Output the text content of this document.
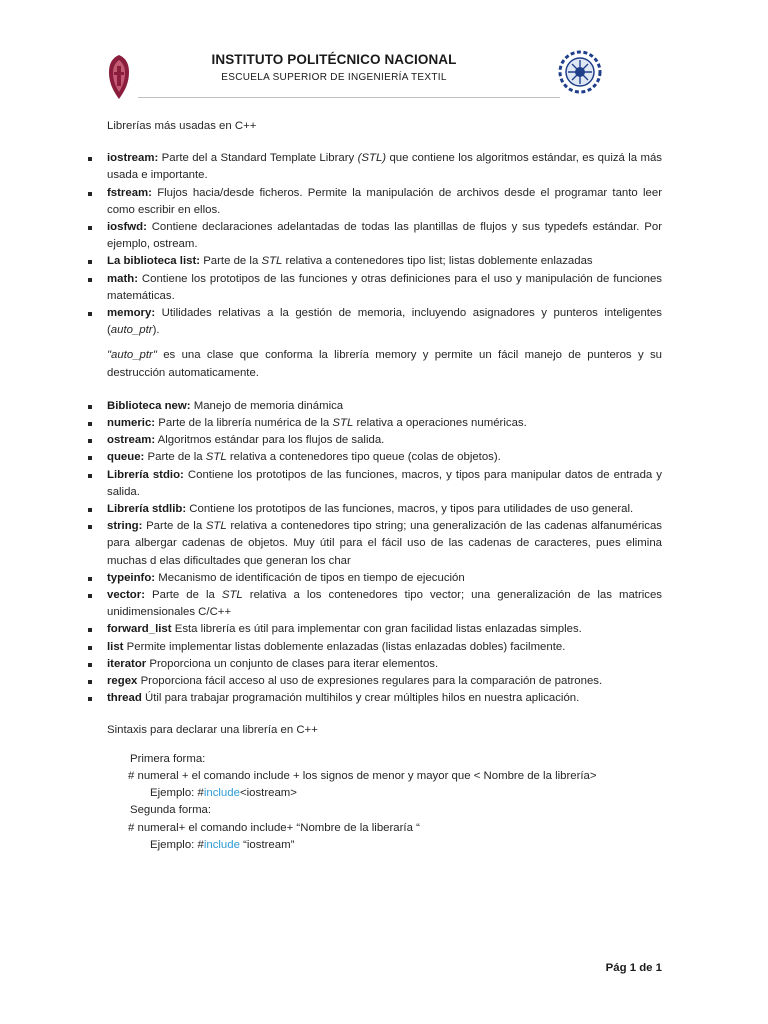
INSTITUTO POLITÉCNICO NACIONAL
ESCUELA SUPERIOR DE INGENIERÍA TEXTIL
Librerías más usadas en C++
iostream: Parte del a Standard Template Library (STL) que contiene los algoritmos estándar, es quizá la más usada e importante.
fstream: Flujos hacia/desde ficheros. Permite la manipulación de archivos desde el programar tanto leer como escribir en ellos.
iosfwd: Contiene declaraciones adelantadas de todas las plantillas de flujos y sus typedefs estándar. Por ejemplo, ostream.
La biblioteca list: Parte de la STL relativa a contenedores tipo list; listas doblemente enlazadas
math: Contiene los prototipos de las funciones y otras definiciones para el uso y manipulación de funciones matemáticas.
memory: Utilidades relativas a la gestión de memoria, incluyendo asignadores y punteros inteligentes (auto_ptr).

"auto_ptr" es una clase que conforma la librería memory y permite un fácil manejo de punteros y su destrucción automaticamente.

Biblioteca new: Manejo de memoria dinámica
numeric: Parte de la librería numérica de la STL relativa a operaciones numéricas.
ostream: Algoritmos estándar para los flujos de salida.
queue: Parte de la STL relativa a contenedores tipo queue (colas de objetos).
Librería stdio: Contiene los prototipos de las funciones, macros, y tipos para manipular datos de entrada y salida.
Librería stdlib: Contiene los prototipos de las funciones, macros, y tipos para utilidades de uso general.
string: Parte de la STL relativa a contenedores tipo string; una generalización de las cadenas alfanuméricas para albergar cadenas de objetos. Muy útil para el fácil uso de las cadenas de caracteres, pues elimina muchas d elas dificultades que generan los char
typeinfo: Mecanismo de identificación de tipos en tiempo de ejecución
vector: Parte de la STL relativa a los contenedores tipo vector; una generalización de las matrices unidimensionales C/C++
forward_list Esta librería es útil para implementar con gran facilidad listas enlazadas simples.
list Permite implementar listas doblemente enlazadas (listas enlazadas dobles) facilmente.
iterator Proporciona un conjunto de clases para iterar elementos.
regex Proporciona fácil acceso al uso de expresiones regulares para la comparación de patrones.
thread Útil para trabajar programación multihilos y crear múltiples hilos en nuestra aplicación.
Sintaxis para declarar una librería en C++
Primera forma:
# numeral + el comando include + los signos de menor y mayor que < Nombre de la librería>
Ejemplo: #include<iostream>
Segunda forma:
# numeral+ el comando include+ “Nombre de la liberaría “
Ejemplo: #include “iostream”
Pág 1 de 1
